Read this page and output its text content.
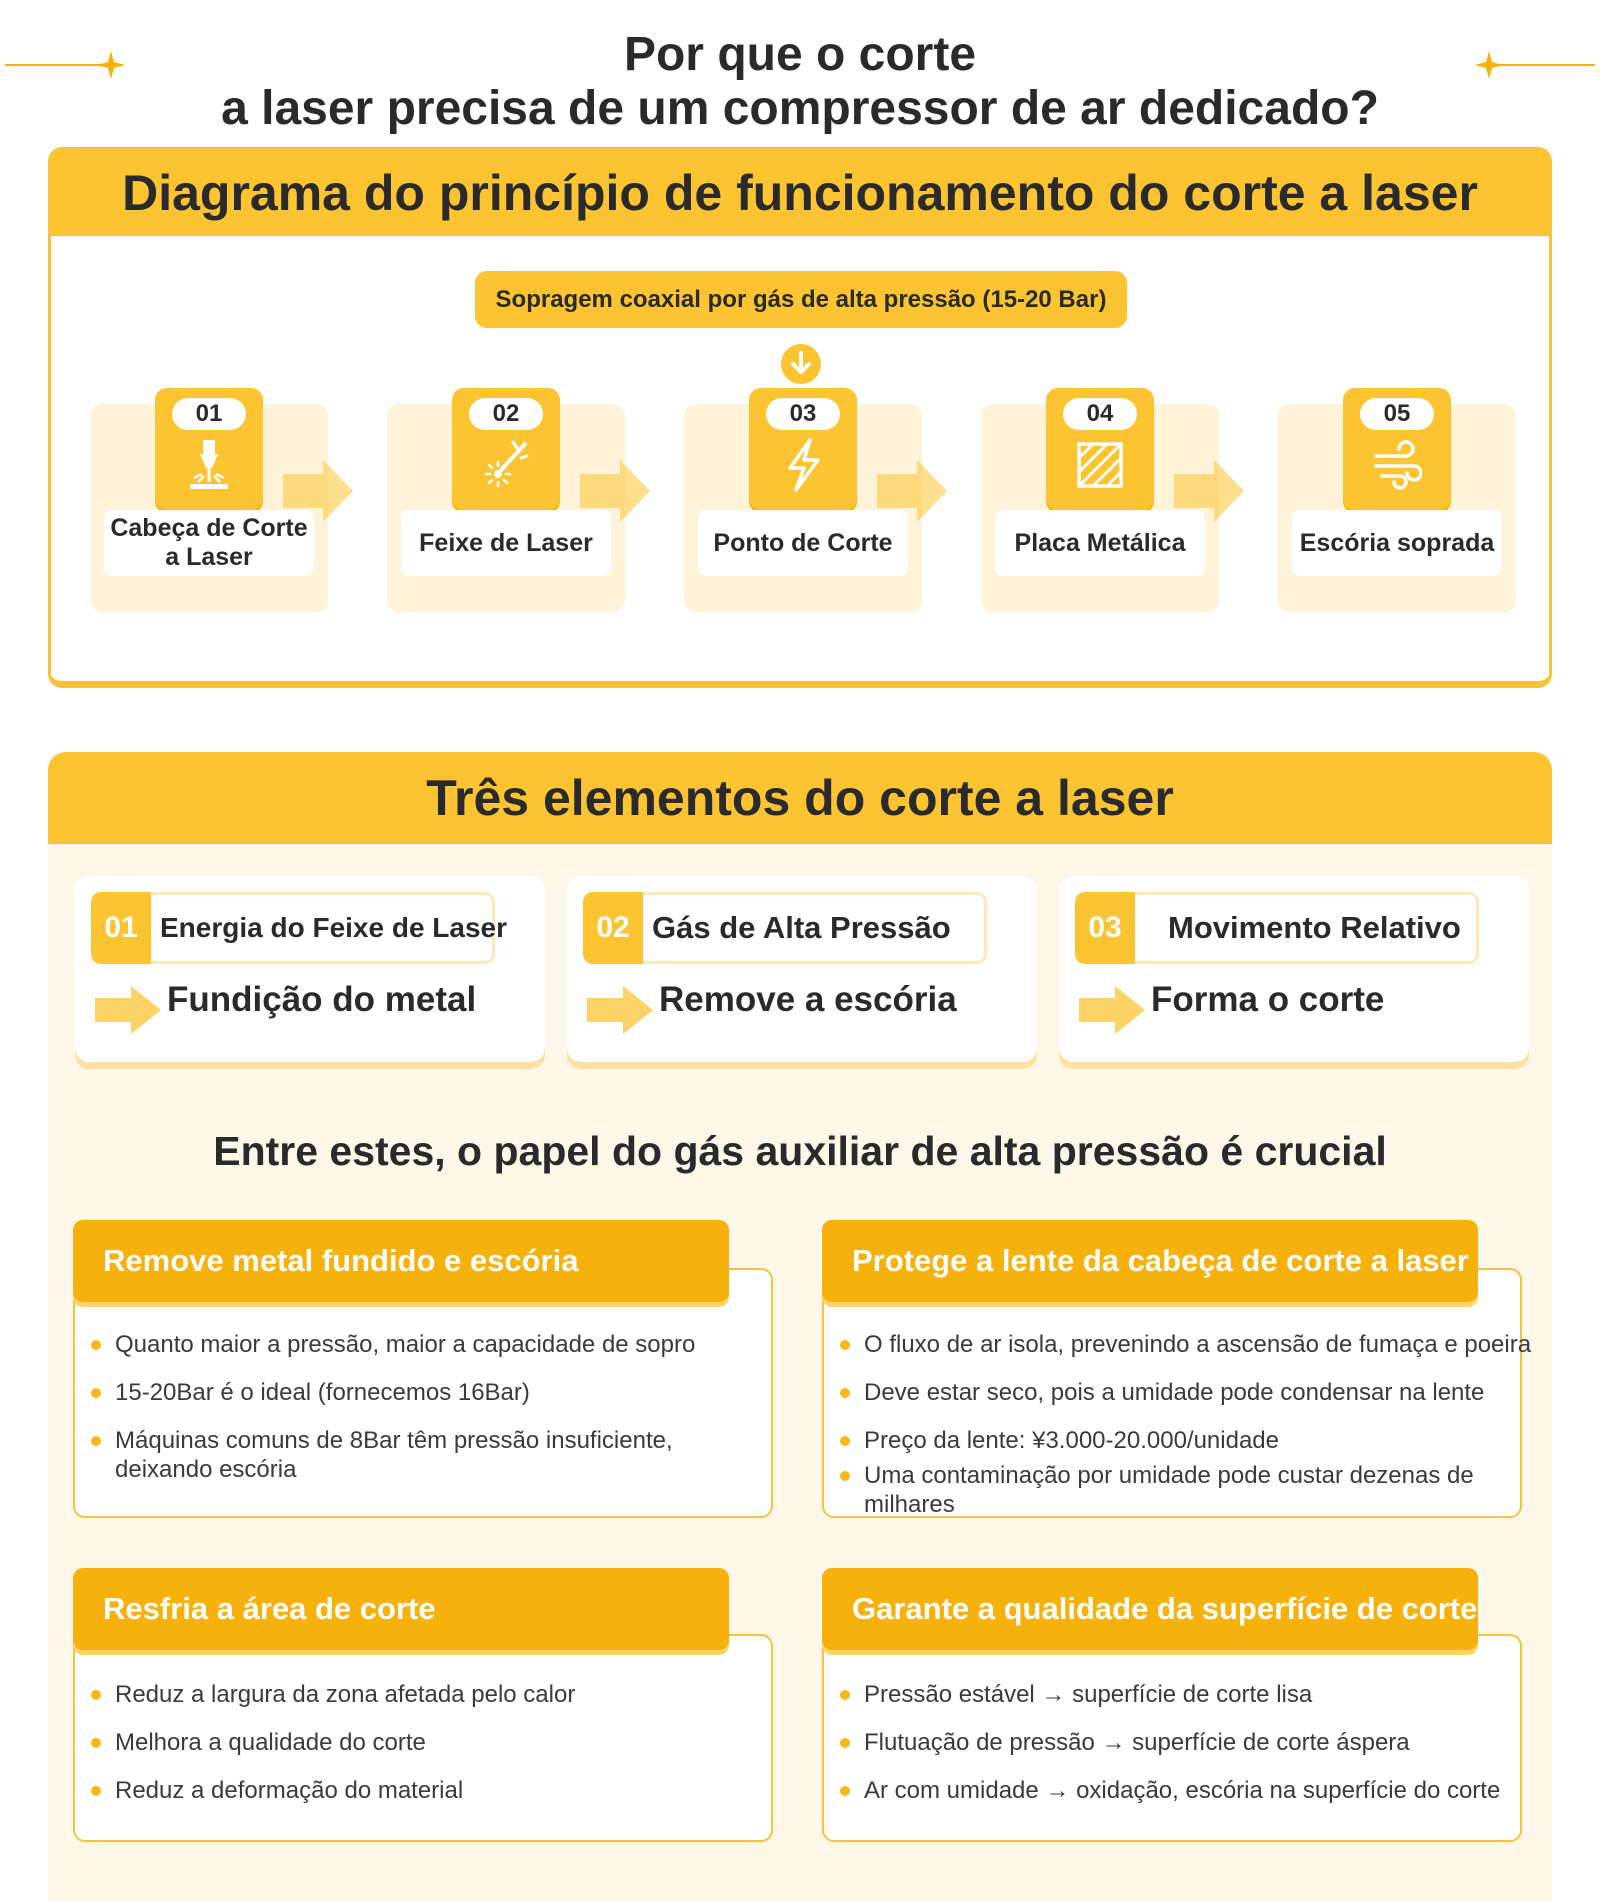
Por que o corte
a laser precisa de um compressor de ar dedicado?
Diagrama do princípio de funcionamento do corte a laser
Sopragem coaxial por gás de alta pressão (15-20 Bar)
01
Cabeça de Corte a Laser
02
Feixe de Laser
03
Ponto de Corte
04
Placa Metálica
05
Escória soprada
Três elementos do corte a laser
01 Energia do Feixe de Laser
Fundição do metal
02 Gás de Alta Pressão
Remove a escória
03	Movimento Relativo
Forma o corte
Entre estes, o papel do gás auxiliar de alta pressão é crucial
Quanto maior a pressão, maior a capacidade de sopro
15-20Bar é o ideal (fornecemos 16Bar)
Máquinas comuns de 8Bar têm pressão insuficiente, deixando escória
Remove metal fundido e escória
O fluxo de ar isola, prevenindo a ascensão de fumaça e poeira
Deve estar seco, pois a umidade pode condensar na lente
Preço da lente: ¥3.000-20.000/unidade
Uma contaminação por umidade pode custar dezenas de milhares
Protege a lente da cabeça de corte a laser
Reduz a largura da zona afetada pelo calor
Melhora a qualidade do corte
Reduz a deformação do material
Resfria a área de corte
Pressão estável → superfície de corte lisa
Flutuação de pressão → superfície de corte áspera
Ar com umidade → oxidação, escória na superfície do corte
Garante a qualidade da superfície de corte
